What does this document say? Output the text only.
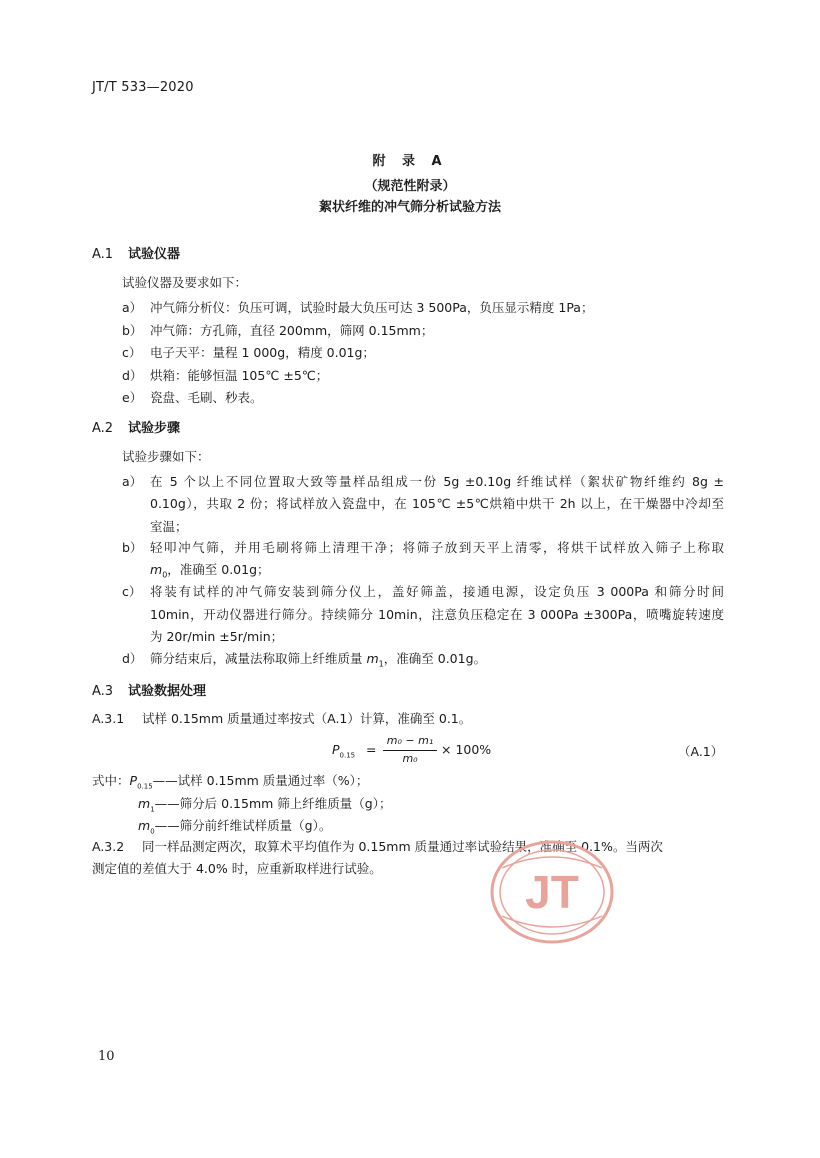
JT/T 533—2020
附 录 A
（规范性附录）
絮状纤维的冲气筛分析试验方法
A.1 试验仪器
试验仪器及要求如下：
a） 冲气筛分析仪：负压可调，试验时最大负压可达 3 500Pa，负压显示精度 1Pa；
b） 冲气筛：方孔筛，直径 200mm，筛网 0.15mm；
c） 电子天平：量程 1 000g，精度 0.01g；
d） 烘箱：能够恒温 105℃ ±5℃；
e） 瓷盘、毛刷、秒表。
A.2 试验步骤
试验步骤如下：
a） 在 5 个以上不同位置取大致等量样品组成一份 5g ±0.10g 纤维试样（絮状矿物纤维约 8g ±
0.10g），共取 2 份；将试样放入瓷盘中，在 105℃ ±5℃烘箱中烘干 2h 以上，在干燥器中冷却至
室温；
b） 轻叩冲气筛，并用毛刷将筛上清理干净；将筛子放到天平上清零，将烘干试样放入筛子上称取
$m_0$，准确至 0.01g；
c） 将装有试样的冲气筛安装到筛分仪上，盖好筛盖，接通电源，设定负压 3 000Pa 和筛分时间
10min，开动仪器进行筛分。持续筛分 10min，注意负压稳定在 3 000Pa ±300Pa，喷嘴旋转速度
为 20r/min ±5r/min；
d） 筛分结束后，减量法称取筛上纤维质量 $m_1$，准确至 0.01g。
A.3 试验数据处理
A.3.1 试样 0.15mm 质量通过率按式（A.1）计算，准确至 0.1。
$P_{0.15}$ =
m₀ − m₁
m₀
× 100%	（A.1）
式中：$P_{0.15}——$试样 0.15mm 质量通过率（%）；
$m_1——$筛分后 0.15mm 筛上纤维质量（g）；
$m_0——$筛分前纤维试样质量（g）。
A.3.2 同一样品测定两次，取算术平均值作为 0.15mm 质量通过率试验结果，准确至 0.1%。当两次
测定值的差值大于 4.0% 时，应重新取样进行试验。	JT
10
